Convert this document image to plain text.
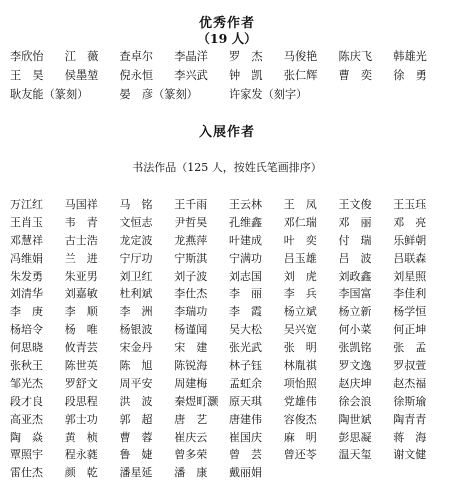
优秀作者
（19 人）
李欣怡	江　薇	查卓尔	李晶洋	罗　杰	马俊艳	陈庆飞	韩雄光
王　昊	侯墨堃	倪永恒	李兴武	钟　凯	张仁辉	曹　奕	徐　勇
耿友能（篆刻）	晏　彦（篆刻）	许家发（刻字）
入展作者
书法作品（125 人，按姓氏笔画排序）
万江红	马国祥	马　铭	王千雨	王云林	王　凤	王文俊	王玉珏
王肖玉	韦　青	文恒志	尹哲昊	孔维鑫	邓仁瑞	邓　丽	邓　亮
邓慧祥	古士浩	龙定波	龙燕萍	叶建成	叶　奕	付　瑞	乐鲜朝
冯维娟	兰　进	宁厅功	宁斯淇	宁满功	吕玉雄	吕　波	吕联森
朱发勇	朱亚男	刘卫红	刘子波	刘志国	刘　虎	刘政鑫	刘星照
刘清华	刘嘉敏	杜利斌	李仕杰	李　丽	李　兵	李国富	李佳利
李　庚	李　顺	李　洲	李瑞功	李　霞	杨立斌	杨立新	杨学恒
杨培令	杨　唯	杨银波	杨谨闻	吴大松	吴兴宽	何小菜	何正坤
何思晓	攸青芸	宋金丹	宋　建	张光武	张　明	张凯铭	张　孟
张秋王	陈世英	陈　旭	陈锐海	林子钰	林胤祺	罗文逸	罗叔萱
邹光杰	罗舒文	周平安	周建梅	孟虹余	项怡照	赵庆坤	赵杰福
段才良	段思程	洪　波	秦煜町灏 原天琪	党雄伟	徐会浪	徐斯瑜
高亚杰	郭士功	郭　超	唐　艺	唐建伟	容俊杰	陶世斌	陶青青
陶　焱	黄　桢	曹　蓉	崔庆云	崔国庆	麻　明	彭思凝	蒋　海
覃照宇	程永蕤	鲁　婕	曾多荣	曾　芸	曾还苓	温天玺	谢文健
雷仕杰	颜　乾	潘星延	潘　康	戴丽娟
